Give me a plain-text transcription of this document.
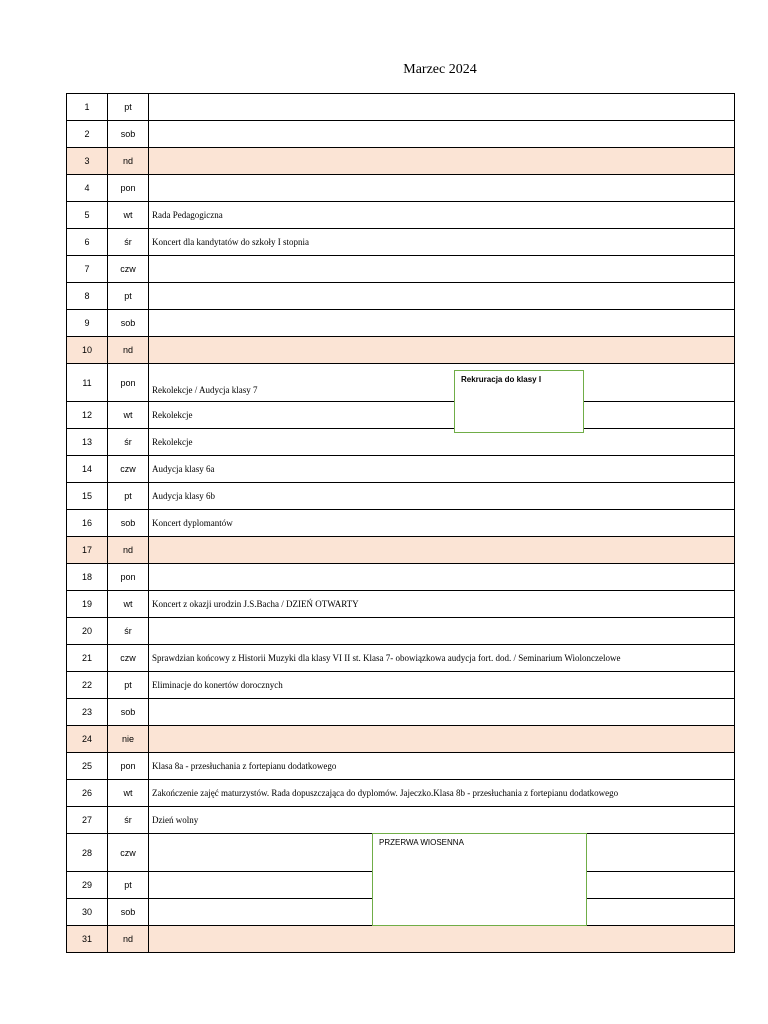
Marzec 2024
1	pt	
2	sob	
3	nd	
4	pon	
5	wt	Rada Pedagogiczna
6	śr	Koncert dla kandytatów do szkoły I stopnia
7	czw	
8	pt	
9	sob	
10	nd	
11	pon	Rekolekcje / Audycja klasy 7
12	wt	Rekolekcje
13	śr	Rekolekcje
14	czw	Audycja klasy 6a
15	pt	Audycja klasy 6b
16	sob	Koncert dyplomantów
17	nd	
18	pon	
19	wt	Koncert z okazji urodzin J.S.Bacha / DZIEŃ OTWARTY
20	śr	
21	czw	Sprawdzian końcowy z Historii Muzyki dla klasy VI II st. Klasa 7- obowiązkowa audycja fort. dod. / Seminarium Wiolonczelowe
22	pt	Eliminacje do konertów dorocznych
23	sob	
24	nie	
25	pon	Klasa 8a - przesłuchania z fortepianu dodatkowego
26	wt	Zakończenie zajęć maturzystów. Rada dopuszczająca do dyplomów. Jajeczko.Klasa 8b - przesłuchania z fortepianu dodatkowego
27	śr	Dzień wolny
28	czw	
29	pt	
30	sob	
31	nd	
Rekruracja do klasy I
PRZERWA WIOSENNA
